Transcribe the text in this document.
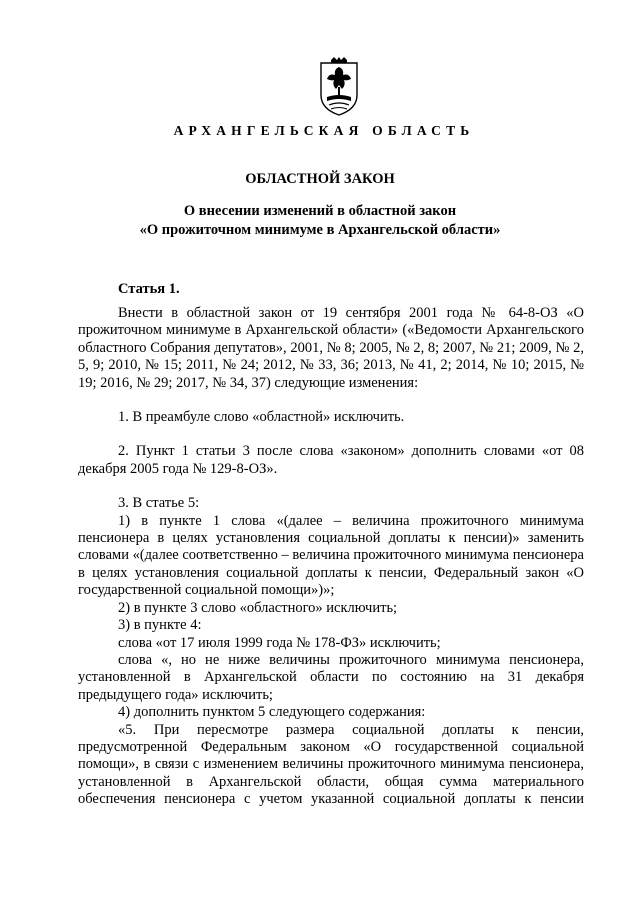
АРХАНГЕЛЬСКАЯ ОБЛАСТЬ
ОБЛАСТНОЙ ЗАКОН
О внесении изменений в областной закон
«О прожиточном минимуме в Архангельской области»
Статья 1.

Внести в областной закон от 19 сентября 2001 года № 64-8-ОЗ «О прожиточном минимуме в Архангельской области» («Ведомости Архангельского областного Собрания депутатов», 2001, № 8; 2005, № 2, 8; 2007, № 21; 2009, № 2, 5, 9; 2010, № 15; 2011, № 24; 2012, № 33, 36; 2013, № 41, 2; 2014, № 10; 2015, № 19; 2016, № 29; 2017, № 34, 37) следующие изменения:

1. В преамбуле слово «областной» исключить.

2. Пункт 1 статьи 3 после слова «законом» дополнить словами «от 08 декабря 2005 года № 129-8-ОЗ».

3. В статье 5:

1) в пункте 1 слова «(далее – величина прожиточного минимума пенсионера в целях установления социальной доплаты к пенсии)» заменить словами «(далее соответственно – величина прожиточного минимума пенсионера в целях установления социальной доплаты к пенсии, Федеральный закон «О государственной социальной помощи»)»;

2) в пункте 3 слово «областного» исключить;

3) в пункте 4:

слова «от 17 июля 1999 года № 178-ФЗ» исключить;

слова «, но не ниже величины прожиточного минимума пенсионера, установленной в Архангельской области по состоянию на 31 декабря предыдущего года» исключить;

4) дополнить пунктом 5 следующего содержания:

«5. При пересмотре размера социальной доплаты к пенсии, предусмотренной Федеральным законом «О государственной социальной помощи», в связи с изменением величины прожиточного минимума пенсионера, установленной в Архангельской области, общая сумма материального обеспечения пенсионера с учетом указанной социальной доплаты к пенсии
